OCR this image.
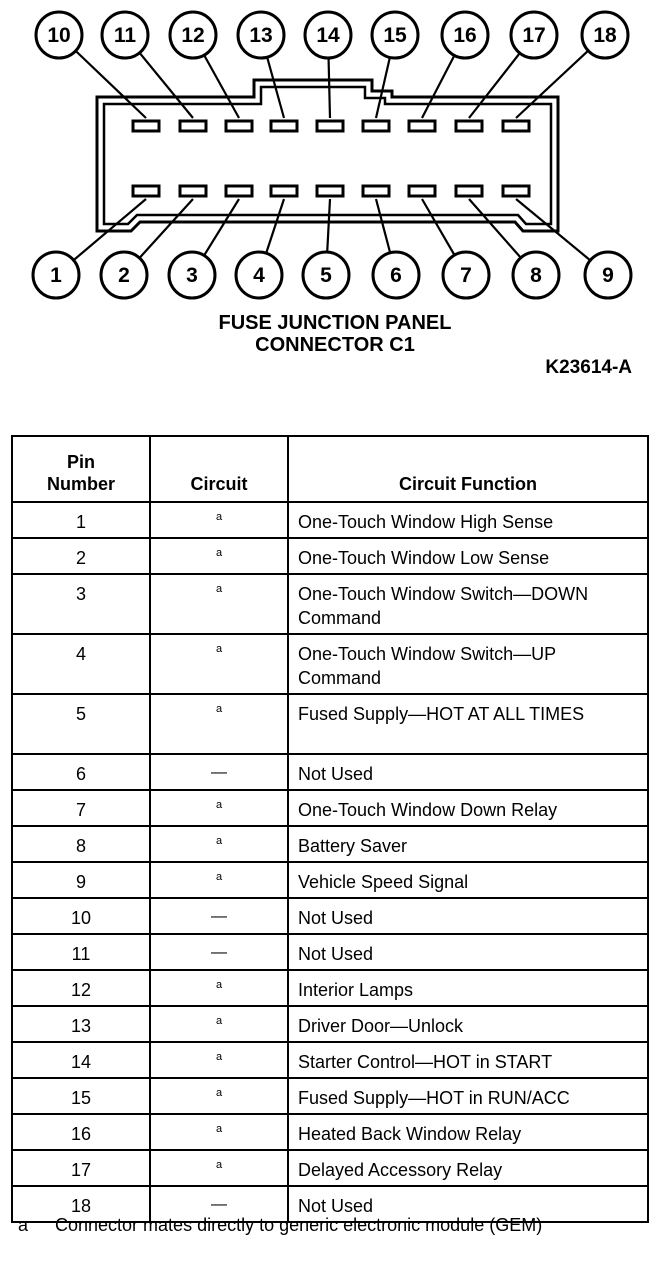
10 11 12 13 14 15 16 17 18
1	2	3	4	5	6	7	8	9
FUSE JUNCTION PANEL
CONNECTOR C1
K23614-A
Pin
Number	Circuit	Circuit Function
1	a	One-Touch Window High Sense
2	a	One-Touch Window Low Sense
3	a	One-Touch Window Switch—DOWN Command
4	a	One-Touch Window Switch—UP Command
5	a	Fused Supply—HOT AT ALL TIMES
6	—	Not Used
7	a	One-Touch Window Down Relay
8	a	Battery Saver
9	a	Vehicle Speed Signal
10	—	Not Used
11	—	Not Used
12	a	Interior Lamps
13	a	Driver Door—Unlock
14	a	Starter Control—HOT in START
15	a	Fused Supply—HOT in RUN/ACC
16	a	Heated Back Window Relay
17	a	Delayed Accessory Relay
18	—	Not Used
a Connector mates directly to generic electronic module (GEM)
